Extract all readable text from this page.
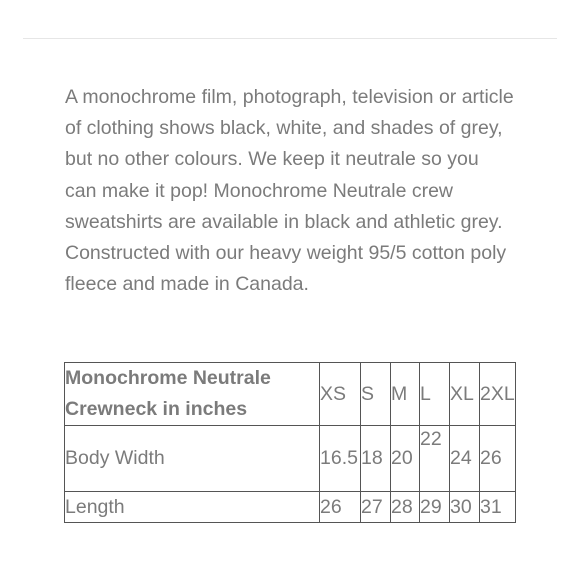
A monochrome film, photograph, television or article of clothing shows black, white, and shades of grey, but no other colours. We keep it neutrale so you can make it pop! Monochrome Neutrale crew sweatshirts are available in black and athletic grey. Constructed with our heavy weight 95/5 cotton poly fleece and made in Canada.

Monochrome Neutrale Crewneck in inches	XS	S	M	L	XL	2XL
Body Width	16.5	18	20	22	24	26
Length	26	27	28	29	30	31
